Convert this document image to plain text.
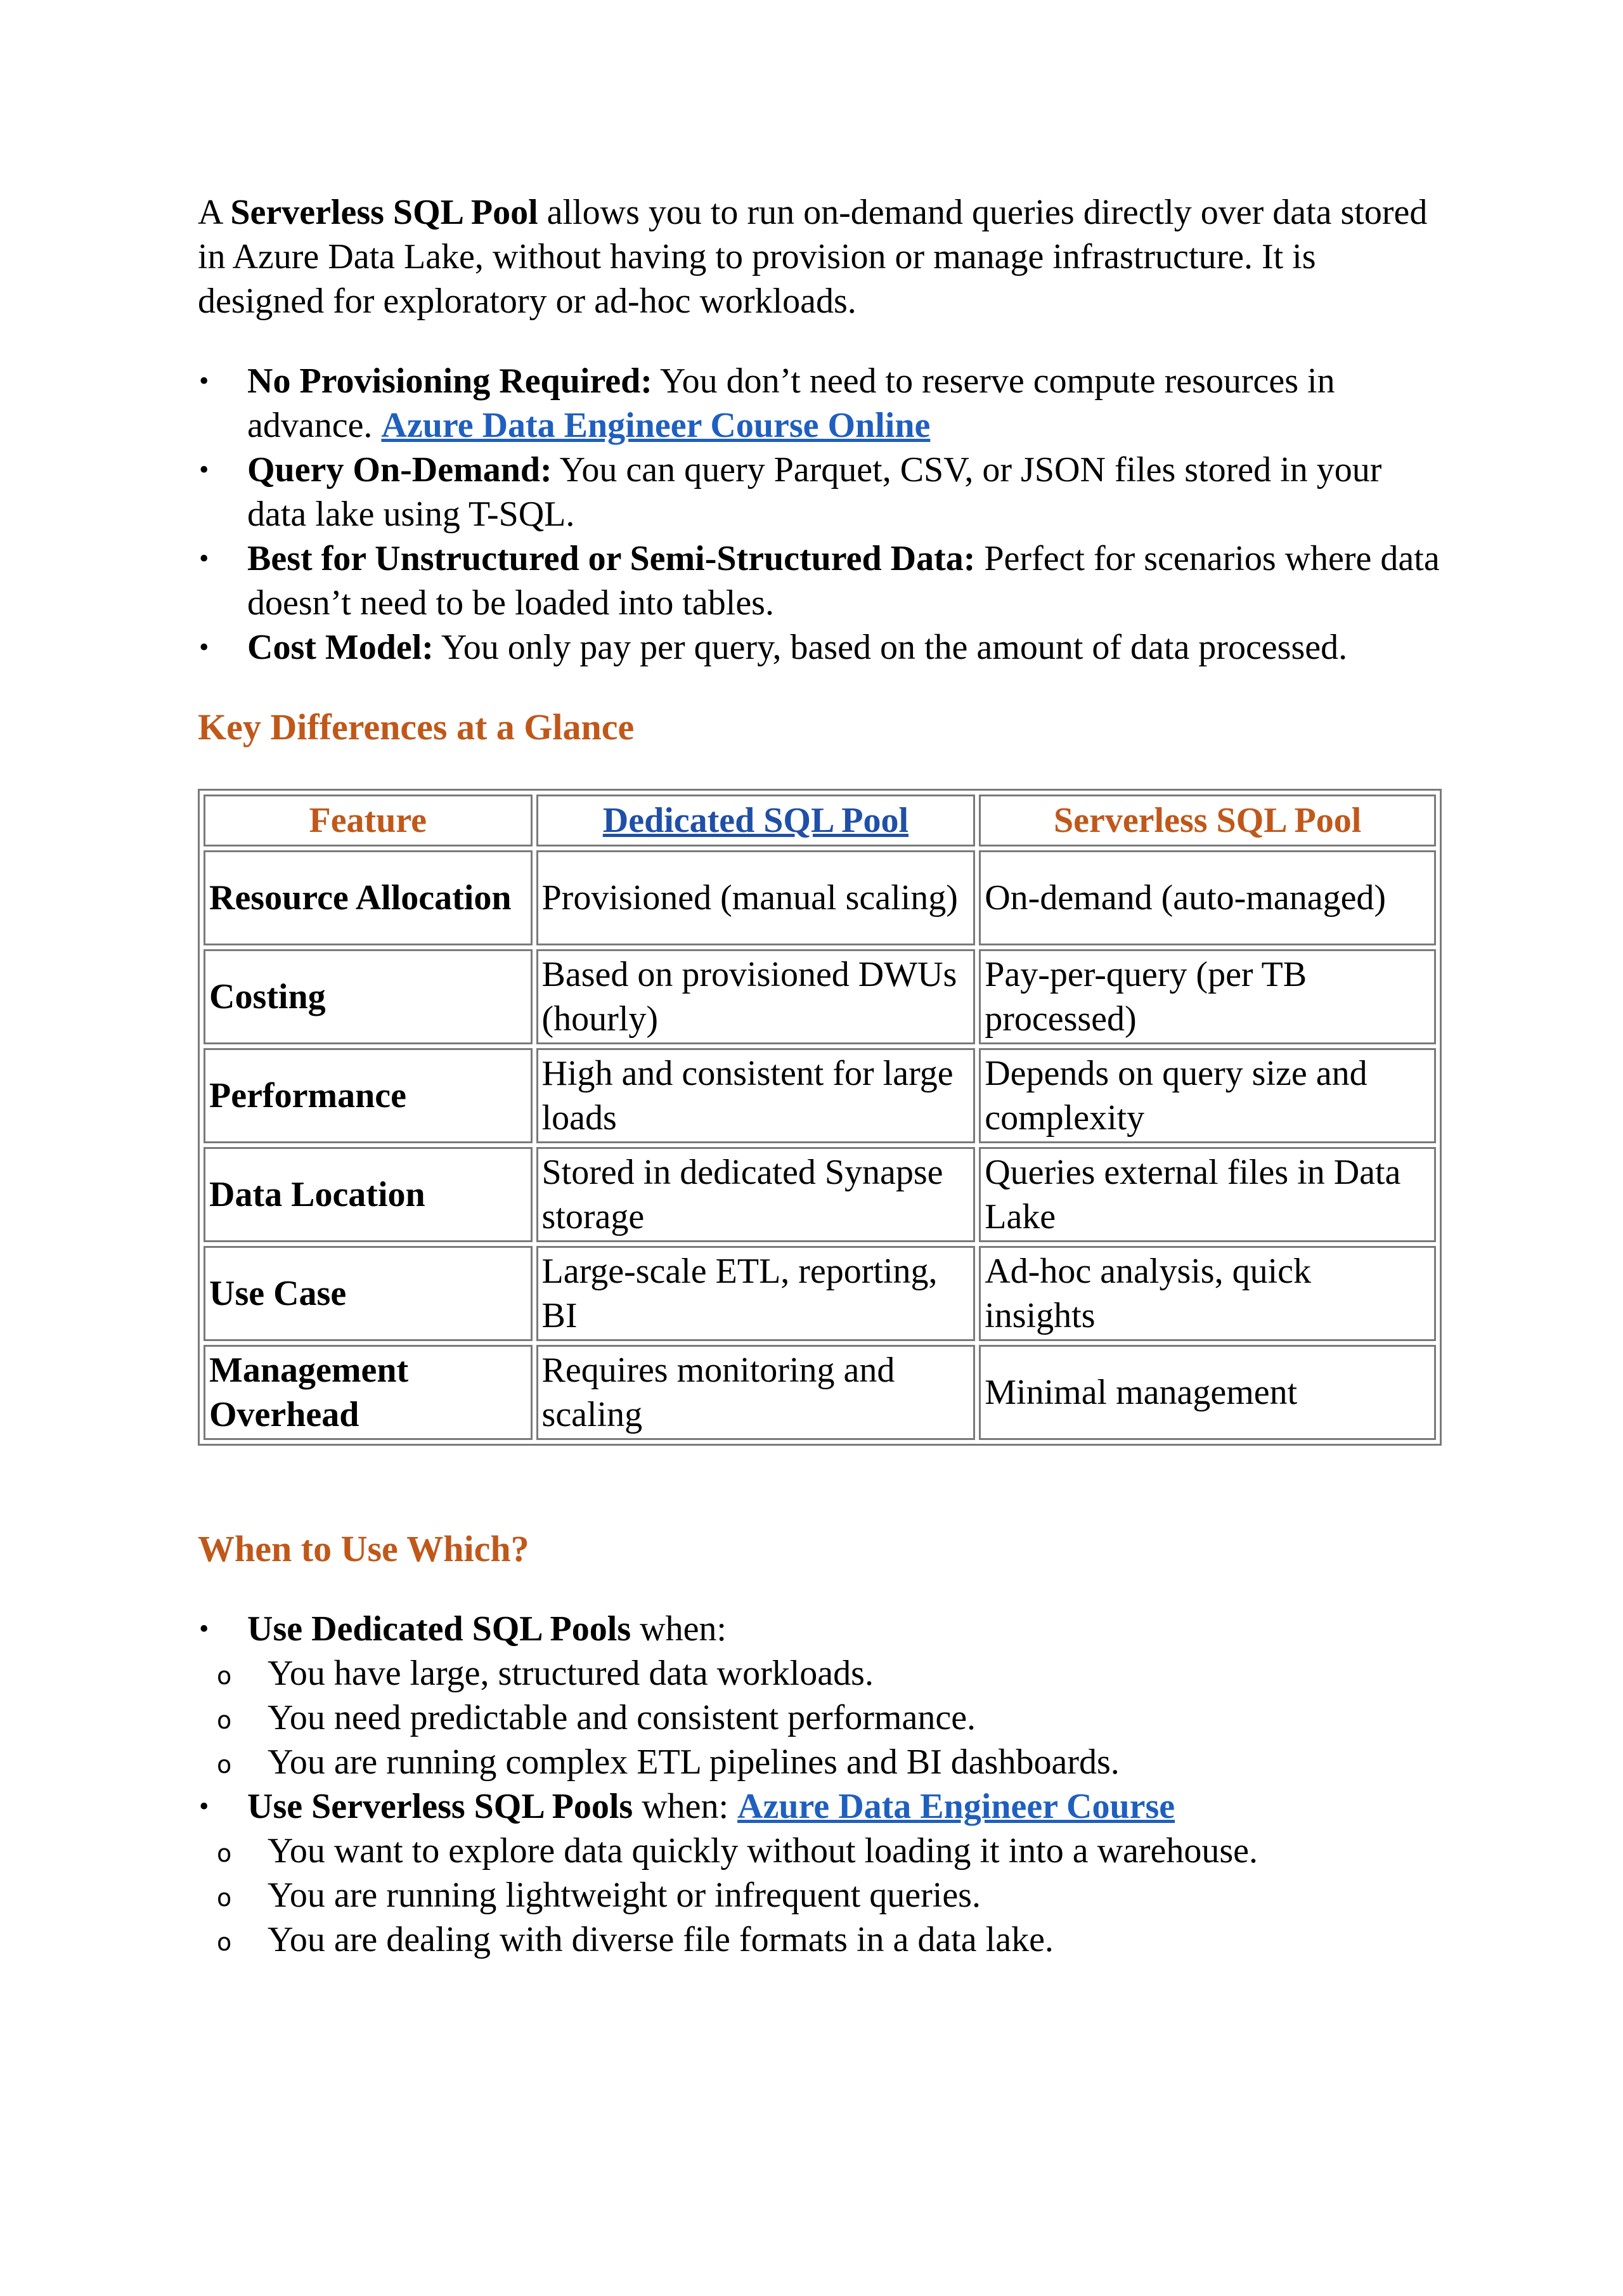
A Serverless SQL Pool allows you to run on-demand queries directly over data stored in Azure Data Lake, without having to provision or manage infrastructure. It is designed for exploratory or ad-hoc workloads.

• No Provisioning Required: You don’t need to reserve compute resources in advance. Azure Data Engineer Course Online
• Query On-Demand: You can query Parquet, CSV, or JSON files stored in your data lake using T-SQL.
• Best for Unstructured or Semi-Structured Data: Perfect for scenarios where data doesn’t need to be loaded into tables.
• Cost Model: You only pay per query, based on the amount of data processed.
Key Differences at a Glance
Feature	Dedicated SQL Pool	Serverless SQL Pool
Resource Allocation	Provisioned (manual scaling)	On-demand (auto-managed)
Costing	Based on provisioned DWUs (hourly)	Pay-per-query (per TB processed)
Performance	High and consistent for large loads	Depends on query size and complexity
Data Location	Stored in dedicated Synapse storage	Queries external files in Data Lake
Use Case	Large-scale ETL, reporting, BI	Ad-hoc analysis, quick insights
Management Overhead	Requires monitoring and scaling	Minimal management
When to Use Which?
• Use Dedicated SQL Pools when:
o You have large, structured data workloads.
o You need predictable and consistent performance.
o You are running complex ETL pipelines and BI dashboards.
• Use Serverless SQL Pools when: Azure Data Engineer Course
o You want to explore data quickly without loading it into a warehouse.
o You are running lightweight or infrequent queries.
o You are dealing with diverse file formats in a data lake.
